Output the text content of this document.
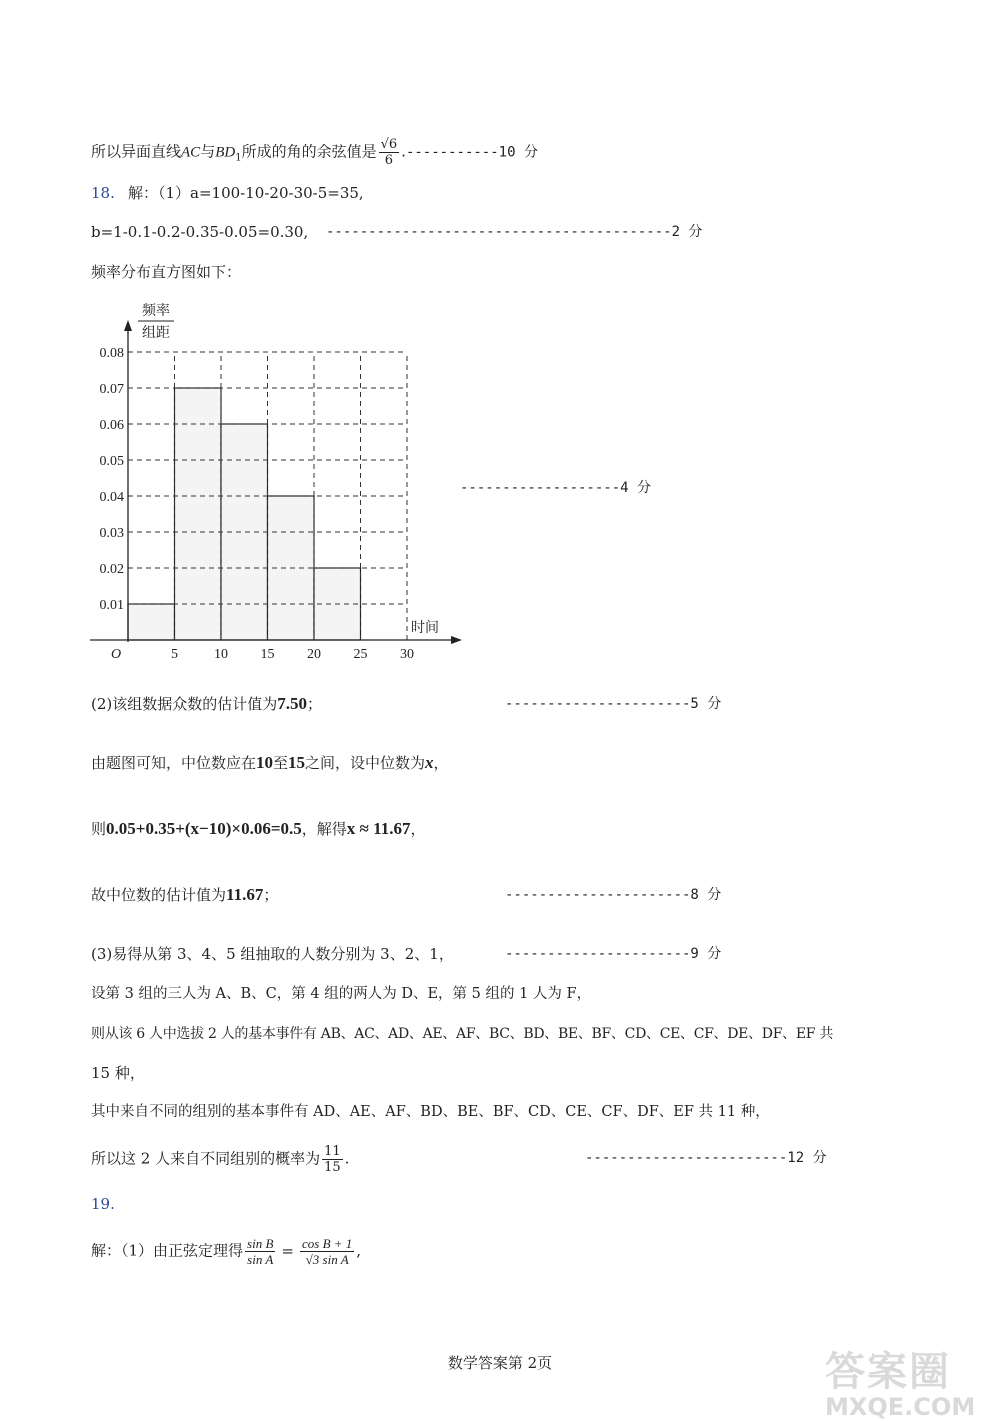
所以异面直线AC与$BD_1$所成的角的余弦值是 $\frac{√6}{6} .-----------10$ 分
18. 解：（1）a=100-10-20-30-5=35,
b=1-0.1-0.2-0.35-0.05=0.30, -----------------------------------------2 分
频率分布直方图如下：
0.01
0.02
0.03
0.04
0.05
0.06
0.07
0.08
5	10 15 20 25 30
O
频率
组距
时间
-------------------4 分
(2)该组数据众数的估计值为7.50；	----------------------5 分
由题图可知，中位数应在10至15之间，设中位数为x，
则0.05+0.35+(x−10)×0.06=0.5，解得x ≈ 11.67，
故中位数的估计值为11.67；	----------------------8 分
(3)易得从第 3、4、5 组抽取的人数分别为 3、2、1，	----------------------9 分
设第 3 组的三人为 A、B、C，第 4 组的两人为 D、E，第 5 组的 1 人为 F，
则从该 6 人中选拔 2 人的基本事件有 AB、AC、AD、AE、AF、BC、BD、BE、BF、CD、CE、CF、DE、DF、EF 共
15 种，
其中来自不同的组别的基本事件有 AD、AE、AF、BD、BE、BF、CD、CE、CF、DF、EF 共 11 种，
所以这 2 人来自不同组别的概率为 $\frac{11}{15}$ .	------------------------12 分
19.
解：（1）由正弦定理得 $\frac{\text{sin B}}{\text{sin A}} = \frac{\text{cos B + 1}}{\text{√3 sin A}}$ ,
数学答案第 2页	答案圈
MXQE.COM
